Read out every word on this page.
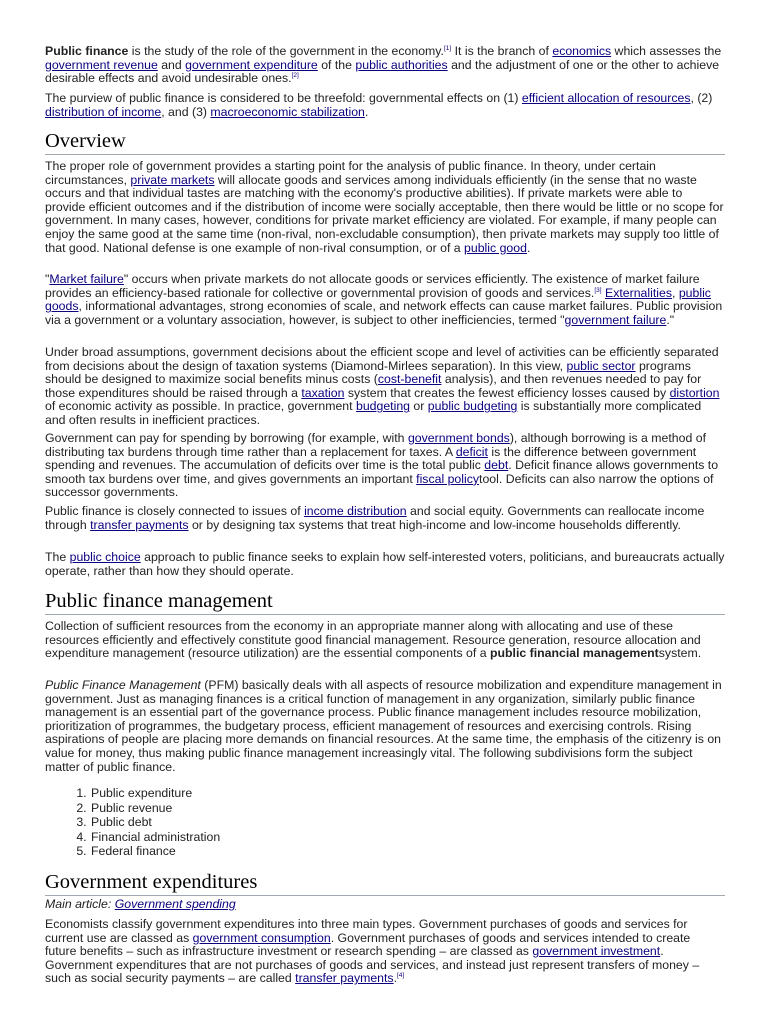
Public finance is the study of the role of the government in the economy.[1] It is the branch of economics which assesses the government revenue and government expenditure of the public authorities and the adjustment of one or the other to achieve desirable effects and avoid undesirable ones.[2]

The purview of public finance is considered to be threefold: governmental effects on (1) efficient allocation of resources, (2) distribution of income, and (3) macroeconomic stabilization.

Overview

The proper role of government provides a starting point for the analysis of public finance. In theory, under certain circumstances, private markets will allocate goods and services among individuals efficiently (in the sense that no waste occurs and that individual tastes are matching with the economy's productive abilities). If private markets were able to provide efficient outcomes and if the distribution of income were socially acceptable, then there would be little or no scope for government. In many cases, however, conditions for private market efficiency are violated. For example, if many people can enjoy the same good at the same time (non-rival, non-excludable consumption), then private markets may supply too little of that good. National defense is one example of non-rival consumption, or of a public good.

"Market failure" occurs when private markets do not allocate goods or services efficiently. The existence of market failure provides an efficiency-based rationale for collective or governmental provision of goods and services.[3] Externalities, public goods, informational advantages, strong economies of scale, and network effects can cause market failures. Public provision via a government or a voluntary association, however, is subject to other inefficiencies, termed "government failure."

Under broad assumptions, government decisions about the efficient scope and level of activities can be efficiently separated from decisions about the design of taxation systems (Diamond-Mirlees separation). In this view, public sector programs should be designed to maximize social benefits minus costs (cost-benefit analysis), and then revenues needed to pay for those expenditures should be raised through a taxation system that creates the fewest efficiency losses caused by distortion of economic activity as possible. In practice, government budgeting or public budgeting is substantially more complicated and often results in inefficient practices.

Government can pay for spending by borrowing (for example, with government bonds), although borrowing is a method of distributing tax burdens through time rather than a replacement for taxes. A deficit is the difference between government spending and revenues. The accumulation of deficits over time is the total public debt. Deficit finance allows governments to smooth tax burdens over time, and gives governments an important fiscal policytool. Deficits can also narrow the options of successor governments.

Public finance is closely connected to issues of income distribution and social equity. Governments can reallocate income through transfer payments or by designing tax systems that treat high-income and low-income households differently.

The public choice approach to public finance seeks to explain how self-interested voters, politicians, and bureaucrats actually operate, rather than how they should operate.

Public finance management

Collection of sufficient resources from the economy in an appropriate manner along with allocating and use of these resources efficiently and effectively constitute good financial management. Resource generation, resource allocation and expenditure management (resource utilization) are the essential components of a public financial managementsystem.

Public Finance Management (PFM) basically deals with all aspects of resource mobilization and expenditure management in government. Just as managing finances is a critical function of management in any organization, similarly public finance management is an essential part of the governance process. Public finance management includes resource mobilization, prioritization of programmes, the budgetary process, efficient management of resources and exercising controls. Rising aspirations of people are placing more demands on financial resources. At the same time, the emphasis of the citizenry is on value for money, thus making public finance management increasingly vital. The following subdivisions form the subject matter of public finance.

1. Public expenditure
2. Public revenue
3. Public debt
4. Financial administration
5. Federal finance
Government expenditures

Main article: Government spending

Economists classify government expenditures into three main types. Government purchases of goods and services for current use are classed as government consumption. Government purchases of goods and services intended to create future benefits – such as infrastructure investment or research spending – are classed as government investment. Government expenditures that are not purchases of goods and services, and instead just represent transfers of money – such as social security payments – are called transfer payments.[4]
